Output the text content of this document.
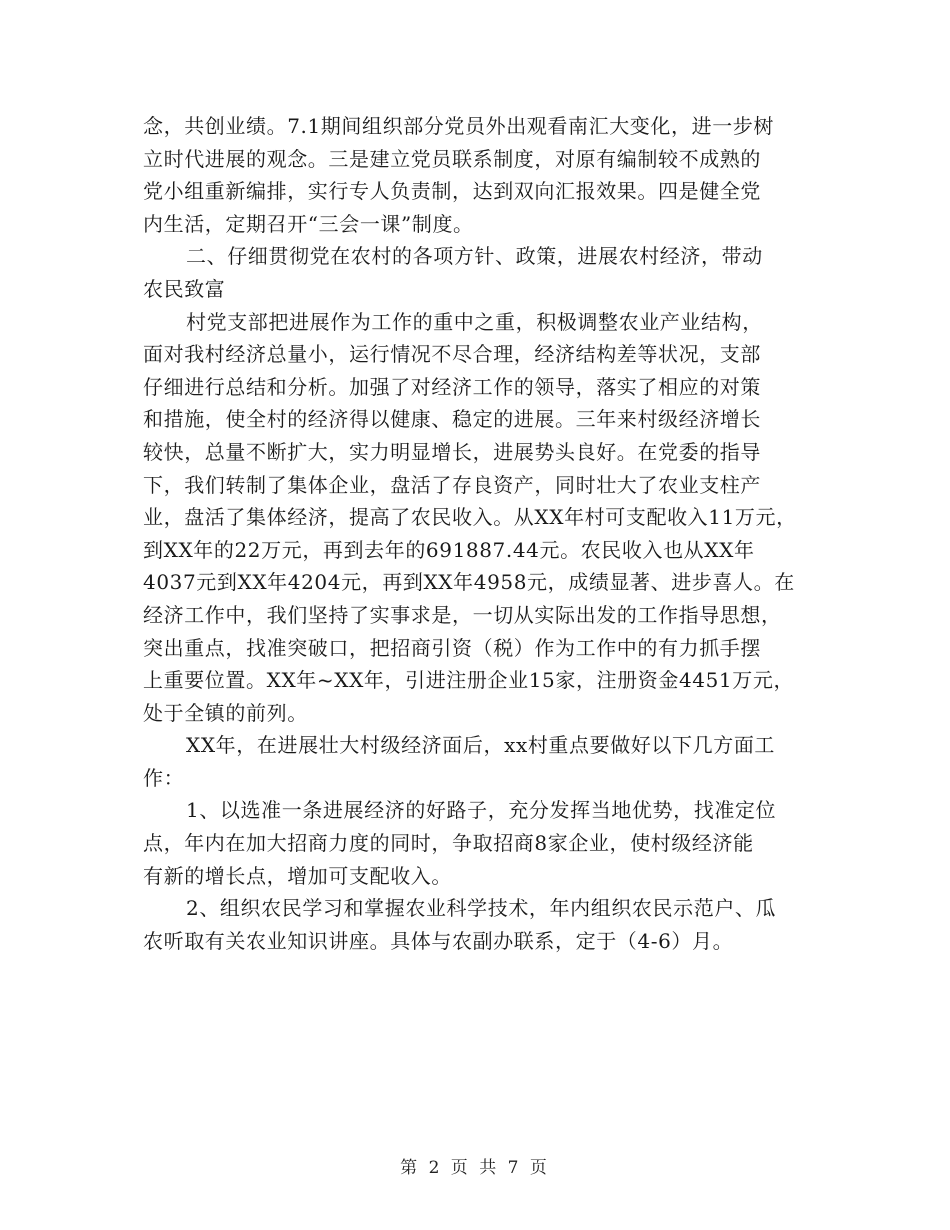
念，共创业绩。7.1期间组织部分党员外出观看南汇大变化，进一步树
立时代进展的观念。三是建立党员联系制度，对原有编制较不成熟的
党小组重新编排，实行专人负责制，达到双向汇报效果。四是健全党
内生活，定期召开“三会一课”制度。
二、仔细贯彻党在农村的各项方针、政策，进展农村经济，带动
农民致富
村党支部把进展作为工作的重中之重，积极调整农业产业结构，
面对我村经济总量小，运行情况不尽合理，经济结构差等状况，支部
仔细进行总结和分析。加强了对经济工作的领导，落实了相应的对策
和措施，使全村的经济得以健康、稳定的进展。三年来村级经济增长
较快，总量不断扩大，实力明显增长，进展势头良好。在党委的指导
下，我们转制了集体企业，盘活了存良资产，同时壮大了农业支柱产
业，盘活了集体经济，提高了农民收入。从XX年村可支配收入11万元，
到XX年的22万元，再到去年的691887.44元。农民收入也从XX年
4037元到XX年4204元，再到XX年4958元，成绩显著、进步喜人。在
经济工作中，我们坚持了实事求是，一切从实际出发的工作指导思想，
突出重点，找准突破口，把招商引资（税）作为工作中的有力抓手摆
上重要位置。XX年~XX年，引进注册企业15家，注册资金4451万元，
处于全镇的前列。
XX年，在进展壮大村级经济面后，xx村重点要做好以下几方面工
作：
1、以选准一条进展经济的好路子，充分发挥当地优势，找准定位
点，年内在加大招商力度的同时，争取招商8家企业，使村级经济能
有新的增长点，增加可支配收入。
2、组织农民学习和掌握农业科学技术，年内组织农民示范户、瓜
农听取有关农业知识讲座。具体与农副办联系，定于（4-6）月。
第 2 页 共 7 页
